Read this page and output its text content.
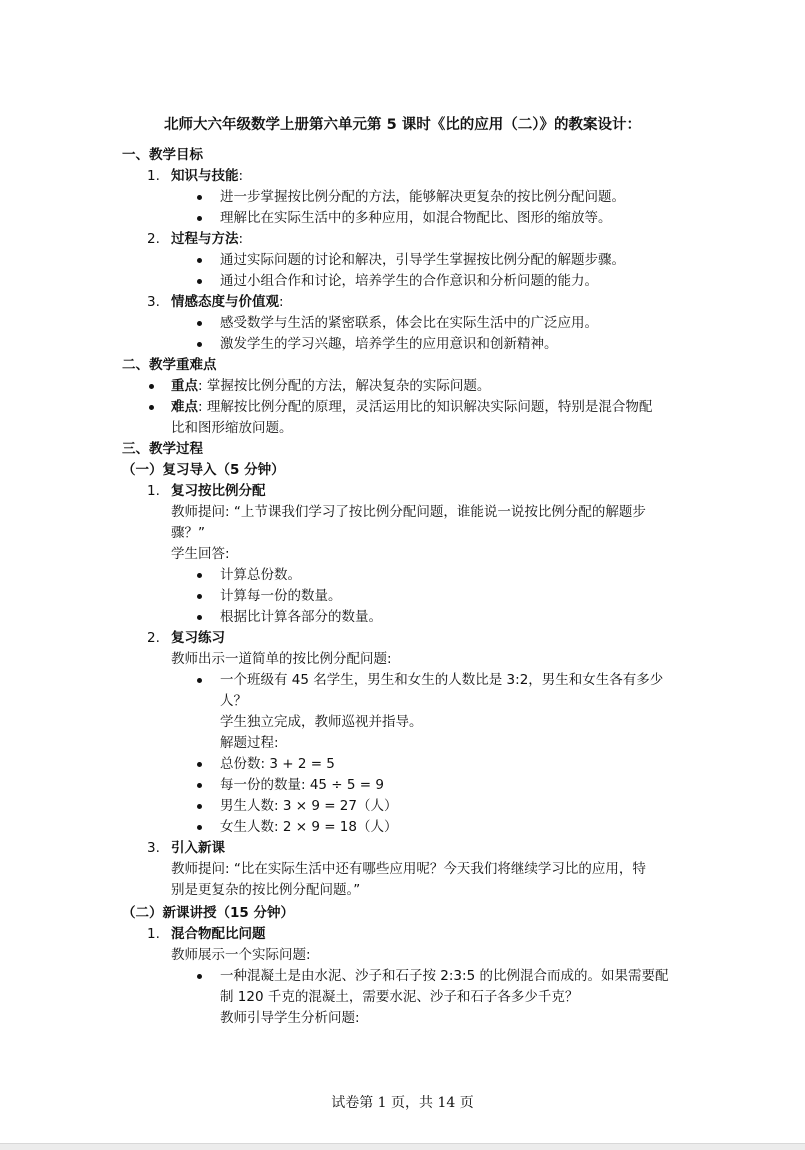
北师大六年级数学上册第六单元第 5 课时《比的应用（二）》的教案设计：
一、教学目标
1. 知识与技能:
进一步掌握按比例分配的方法，能够解决更复杂的按比例分配问题。
理解比在实际生活中的多种应用，如混合物配比、图形的缩放等。
2. 过程与方法:
通过实际问题的讨论和解决，引导学生掌握按比例分配的解题步骤。
通过小组合作和讨论，培养学生的合作意识和分析问题的能力。
3. 情感态度与价值观:
感受数学与生活的紧密联系，体会比在实际生活中的广泛应用。
激发学生的学习兴趣，培养学生的应用意识和创新精神。
二、教学重难点
重点: 掌握按比例分配的方法，解决复杂的实际问题。
难点: 理解按比例分配的原理，灵活运用比的知识解决实际问题，特别是混合物配
比和图形缩放问题。
三、教学过程
（一）复习导入（5 分钟）
1. 复习按比例分配
教师提问: “上节课我们学习了按比例分配问题，谁能说一说按比例分配的解题步
骤？”
学生回答:
计算总份数。
计算每一份的数量。
根据比计算各部分的数量。
2. 复习练习
教师出示一道简单的按比例分配问题:
一个班级有 45 名学生，男生和女生的人数比是 3:2，男生和女生各有多少
人？
学生独立完成，教师巡视并指导。
解题过程:
总份数: 3 + 2 = 5
每一份的数量: 45 ÷ 5 = 9
男生人数: 3 × 9 = 27（人）
女生人数: 2 × 9 = 18（人）
3. 引入新课
教师提问: “比在实际生活中还有哪些应用呢？今天我们将继续学习比的应用，特
别是更复杂的按比例分配问题。”
（二）新课讲授（15 分钟）
1. 混合物配比问题
教师展示一个实际问题:
一种混凝土是由水泥、沙子和石子按 2:3:5 的比例混合而成的。如果需要配
制 120 千克的混凝土，需要水泥、沙子和石子各多少千克？
教师引导学生分析问题:
试卷第 1 页，共 14 页
